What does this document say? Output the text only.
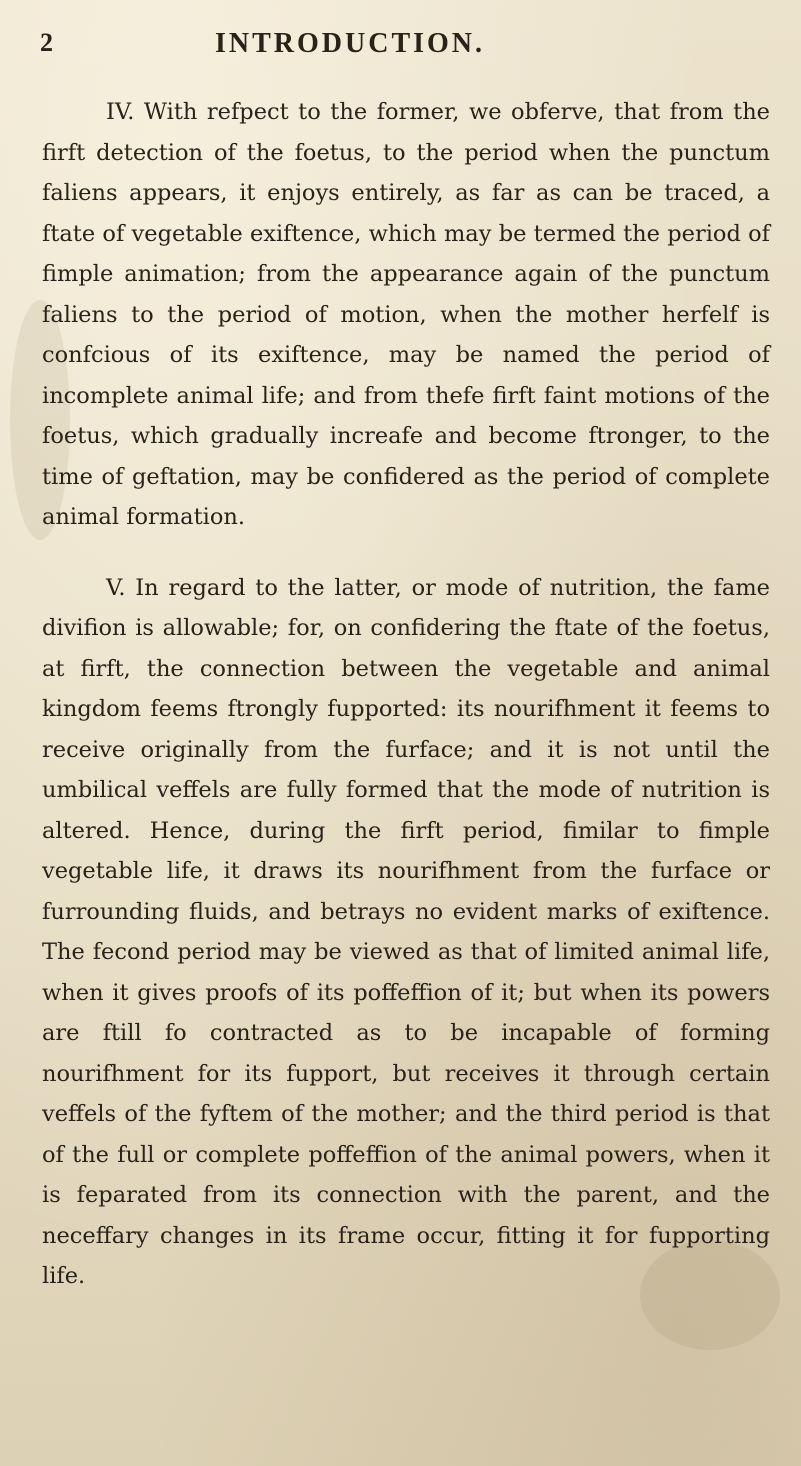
2	INTRODUCTION.

IV. With refpect to the former, we obferve, that from the firft detection of the foetus, to the period when the punctum faliens appears, it enjoys entirely, as far as can be traced, a ftate of vegetable exiftence, which may be termed the period of fimple animation; from the appearance again of the punctum faliens to the period of motion, when the mother herfelf is confcious of its exiftence, may be named the period of incomplete animal life; and from thefe firft faint motions of the foetus, which gradually increafe and become ftronger, to the time of geftation, may be confidered as the period of complete animal formation.

V. In regard to the latter, or mode of nutrition, the fame divifion is allowable; for, on confidering the ftate of the foetus, at firft, the connection between the vegetable and animal kingdom feems ftrongly fupported: its nourifhment it feems to receive originally from the furface; and it is not until the umbilical veffels are fully formed that the mode of nutrition is altered. Hence, during the firft period, fimilar to fimple vegetable life, it draws its nourifhment from the furface or furrounding fluids, and betrays no evident marks of exiftence. The fecond period may be viewed as that of limited animal life, when it gives proofs of its poffeffion of it; but when its powers are ftill fo contracted as to be incapable of forming nourifhment for its fupport, but receives it through certain veffels of the fyftem of the mother; and the third period is that of the full or complete poffeffion of the animal powers, when it is feparated from its connection with the parent, and the neceffary changes in its frame occur, fitting it for fupporting life.
